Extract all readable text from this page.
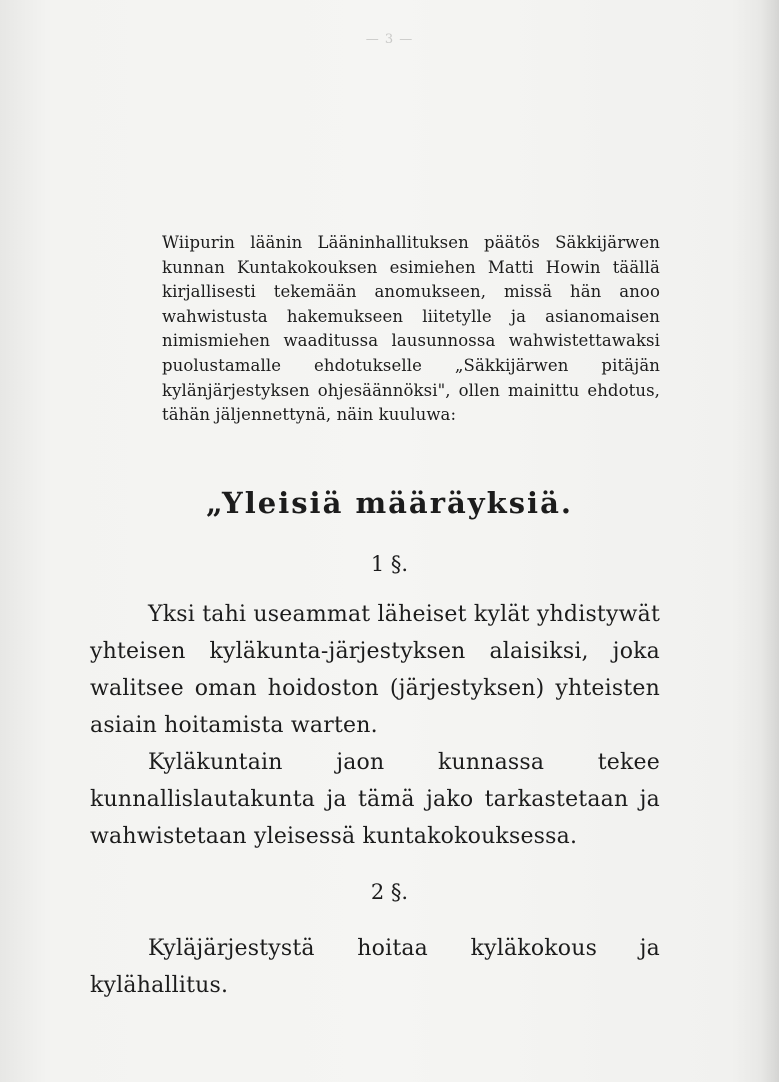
— 3 —

Wiipurin läänin Lääninhallituksen päätös Säkkijärwen kunnan Kuntakokouksen esimiehen Matti Howin täällä kirjallisesti tekemään anomukseen, missä hän anoo wahwistusta hakemukseen liitetylle ja asianomaisen nimismiehen waaditussa lausunnossa wahwistettawaksi puolustamalle ehdotukselle „Säkkijärwen pitäjän kylänjärjestyksen ohjesäännöksi", ollen mainittu ehdotus, tähän jäljennettynä, näin kuuluwa:

„Yleisiä määräyksiä.
1 §.

Yksi tahi useammat läheiset kylät yhdistywät yhteisen kyläkunta-järjestyksen alaisiksi, joka walitsee oman hoidoston (järjestyksen) yhteisten asiain hoitamista warten.

Kyläkuntain jaon kunnassa tekee kunnallislautakunta ja tämä jako tarkastetaan ja wahwistetaan yleisessä kuntakokouksessa.

2 §.

Kyläjärjestystä hoitaa kyläkokous ja kylähallitus.
